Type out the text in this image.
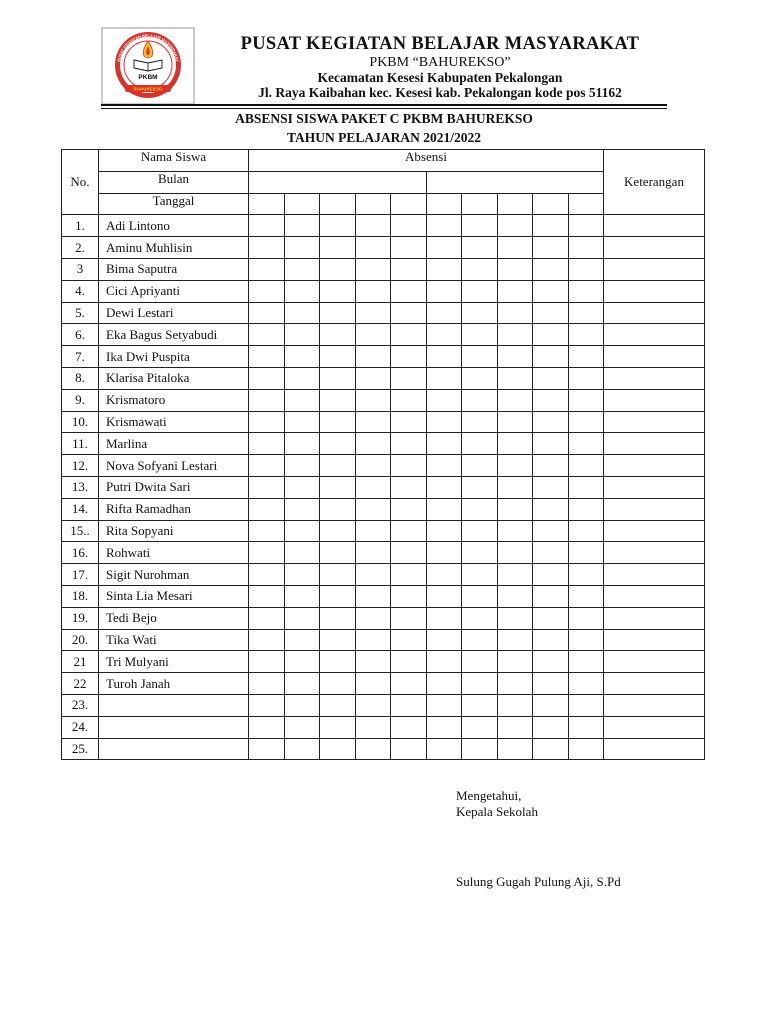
PKBM
BAHUREKSO
PUSAT KEGIATAN BELAJAR MASYARAKAT
PUSAT KEGIATAN BELAJAR MASYARAKAT
PKBM “BAHUREKSO”
Kecamatan Kesesi Kabupaten Pekalongan
Jl. Raya Kaibahan kec. Kesesi kab. Pekalongan kode pos 51162
ABSENSI SISWA PAKET C PKBM BAHUREKSO
TAHUN PELAJARAN 2021/2022
No.	Nama Siswa	Absensi										Keterangan
	Bulan											
	Tanggal											
1.	Adi Lintono											
2.	Aminu Muhlisin											
3	Bima Saputra											
4.	Cici Apriyanti											
5.	Dewi Lestari											
6.	Eka Bagus Setyabudi											
7.	Ika Dwi Puspita											
8.	Klarisa Pitaloka											
9.	Krismatoro											
10.	Krismawati											
11.	Marlina											
12.	Nova Sofyani Lestari											
13.	Putri Dwita Sari											
14.	Rifta Ramadhan											
15..	Rita Sopyani											
16.	Rohwati											
17.	Sigit Nurohman											
18.	Sinta Lia Mesari											
19.	Tedi Bejo											
20.	Tika Wati											
21	Tri Mulyani											
22	Turoh Janah											
23.												
24.												
25.												
Mengetahui,
Kepala Sekolah
Sulung Gugah Pulung Aji, S.Pd
